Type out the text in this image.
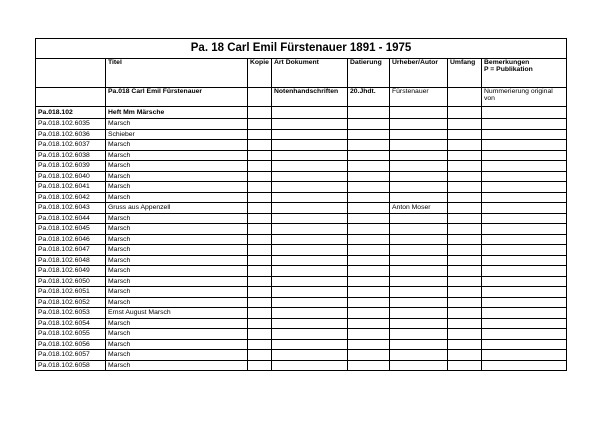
Pa. 18 Carl Emil Fürstenauer 1891 - 1975							
	Titel	Kopie	Art Dokument	Datierung	Urheber/Autor	Umfang	Bemerkungen
P = Publikation
	Pa.018 Carl Emil Fürstenauer		Notenhandschriften	20.Jhdt.	Fürstenauer		Nummerierung original von
Pa.018.102	Heft Mm Märsche						
Pa.018.102.6035	Marsch						
Pa.018.102.6036	Schieber						
Pa.018.102.6037	Marsch						
Pa.018.102.6038	Marsch						
Pa.018.102.6039	Marsch						
Pa.018.102.6040	Marsch						
Pa.018.102.6041	Marsch						
Pa.018.102.6042	Marsch						
Pa.018.102.6043	Gruss aus Appenzell				Anton Moser		
Pa.018.102.6044	Marsch						
Pa.018.102.6045	Marsch						
Pa.018.102.6046	Marsch						
Pa.018.102.6047	Marsch						
Pa.018.102.6048	Marsch						
Pa.018.102.6049	Marsch						
Pa.018.102.6050	Marsch						
Pa.018.102.6051	Marsch						
Pa.018.102.6052	Marsch						
Pa.018.102.6053	Ernst August Marsch						
Pa.018.102.6054	Marsch						
Pa.018.102.6055	Marsch						
Pa.018.102.6056	Marsch						
Pa.018.102.6057	Marsch						
Pa.018.102.6058	Marsch						
